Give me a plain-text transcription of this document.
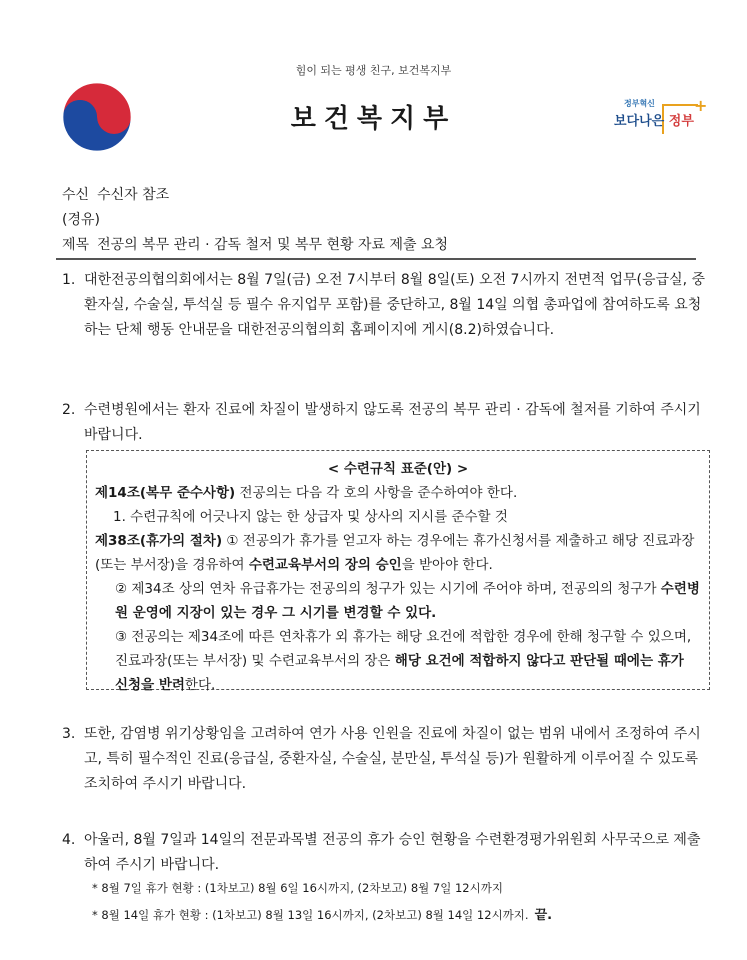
힘이 되는 평생 친구, 보건복지부
보건복지부	+
정부혁신
보다나은 정부
수신 수신자 참조
(경유)
제목 전공의 복무 관리 · 감독 철저 및 복무 현황 자료 제출 요청
1. 대한전공의협의회에서는 8월 7일(금) 오전 7시부터 8월 8일(토) 오전 7시까지 전면적 업무(응급실, 중환자실, 수술실, 투석실 등 필수 유지업무 포함)를 중단하고, 8월 14일 의협 총파업에 참여하도록 요청하는 단체 행동 안내문을 대한전공의협의회 홈페이지에 게시(8.2)하였습니다.
2. 수련병원에서는 환자 진료에 차질이 발생하지 않도록 전공의 복무 관리 · 감독에 철저를 기하여 주시기 바랍니다.
< 수련규칙 표준(안) >
제14조(복무 준수사항) 전공의는 다음 각 호의 사항을 준수하여야 한다.
1. 수련규칙에 어긋나지 않는 한 상급자 및 상사의 지시를 준수할 것
제38조(휴가의 절차) ① 전공의가 휴가를 얻고자 하는 경우에는 휴가신청서를 제출하고 해당 진료과장(또는 부서장)을 경유하여 수련교육부서의 장의 승인을 받아야 한다.
② 제34조 상의 연차 유급휴가는 전공의의 청구가 있는 시기에 주어야 하며, 전공의의 청구가 수련병원 운영에 지장이 있는 경우 그 시기를 변경할 수 있다.
③ 전공의는 제34조에 따른 연차휴가 외 휴가는 해당 요건에 적합한 경우에 한해 청구할 수 있으며, 진료과장(또는 부서장) 및 수련교육부서의 장은 해당 요건에 적합하지 않다고 판단될 때에는 휴가 신청을 반려한다.
3. 또한, 감염병 위기상황임을 고려하여 연가 사용 인원을 진료에 차질이 없는 범위 내에서 조정하여 주시고, 특히 필수적인 진료(응급실, 중환자실, 수술실, 분만실, 투석실 등)가 원활하게 이루어질 수 있도록 조치하여 주시기 바랍니다.
4. 아울러, 8월 7일과 14일의 전문과목별 전공의 휴가 승인 현황을 수련환경평가위원회 사무국으로 제출하여 주시기 바랍니다.
* 8월 7일 휴가 현황 : (1차보고) 8월 6일 16시까지, (2차보고) 8월 7일 12시까지
* 8월 14일 휴가 현황 : (1차보고) 8월 13일 16시까지, (2차보고) 8월 14일 12시까지. 끝.
